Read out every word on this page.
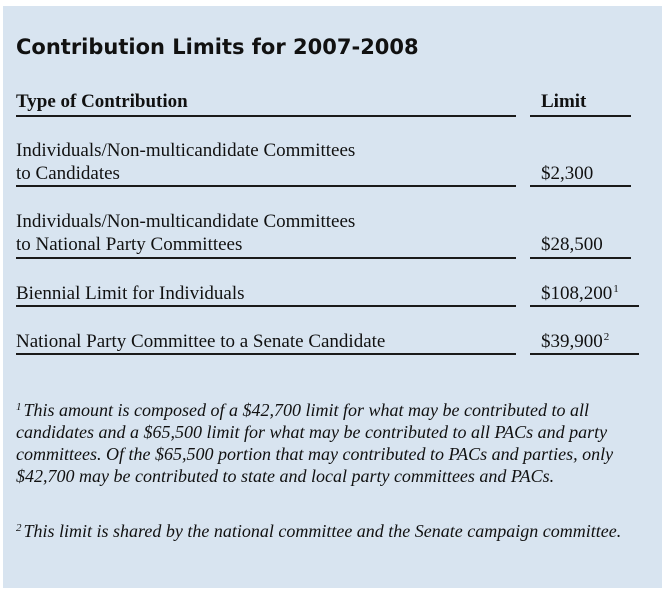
Contribution Limits for 2007-2008
Type of Contribution	Limit
Individuals/Non-multicandidate Committees
to Candidates	$2,300
Individuals/Non-multicandidate Committees
to National Party Committees	$28,500
Biennial Limit for Individuals	$108,200$^1$
National Party Committee to a Senate Candidate	$39,900$^2$
$^1$ This amount is composed of a $42,700 limit for what may be contributed to all candidates and a $65,500 limit for what may be contributed to all PACs and party committees. Of the $65,500 portion that may contributed to PACs and parties, only $42,700 may be contributed to state and local party committees and PACs.
$^2$ This limit is shared by the national committee and the Senate campaign committee.
